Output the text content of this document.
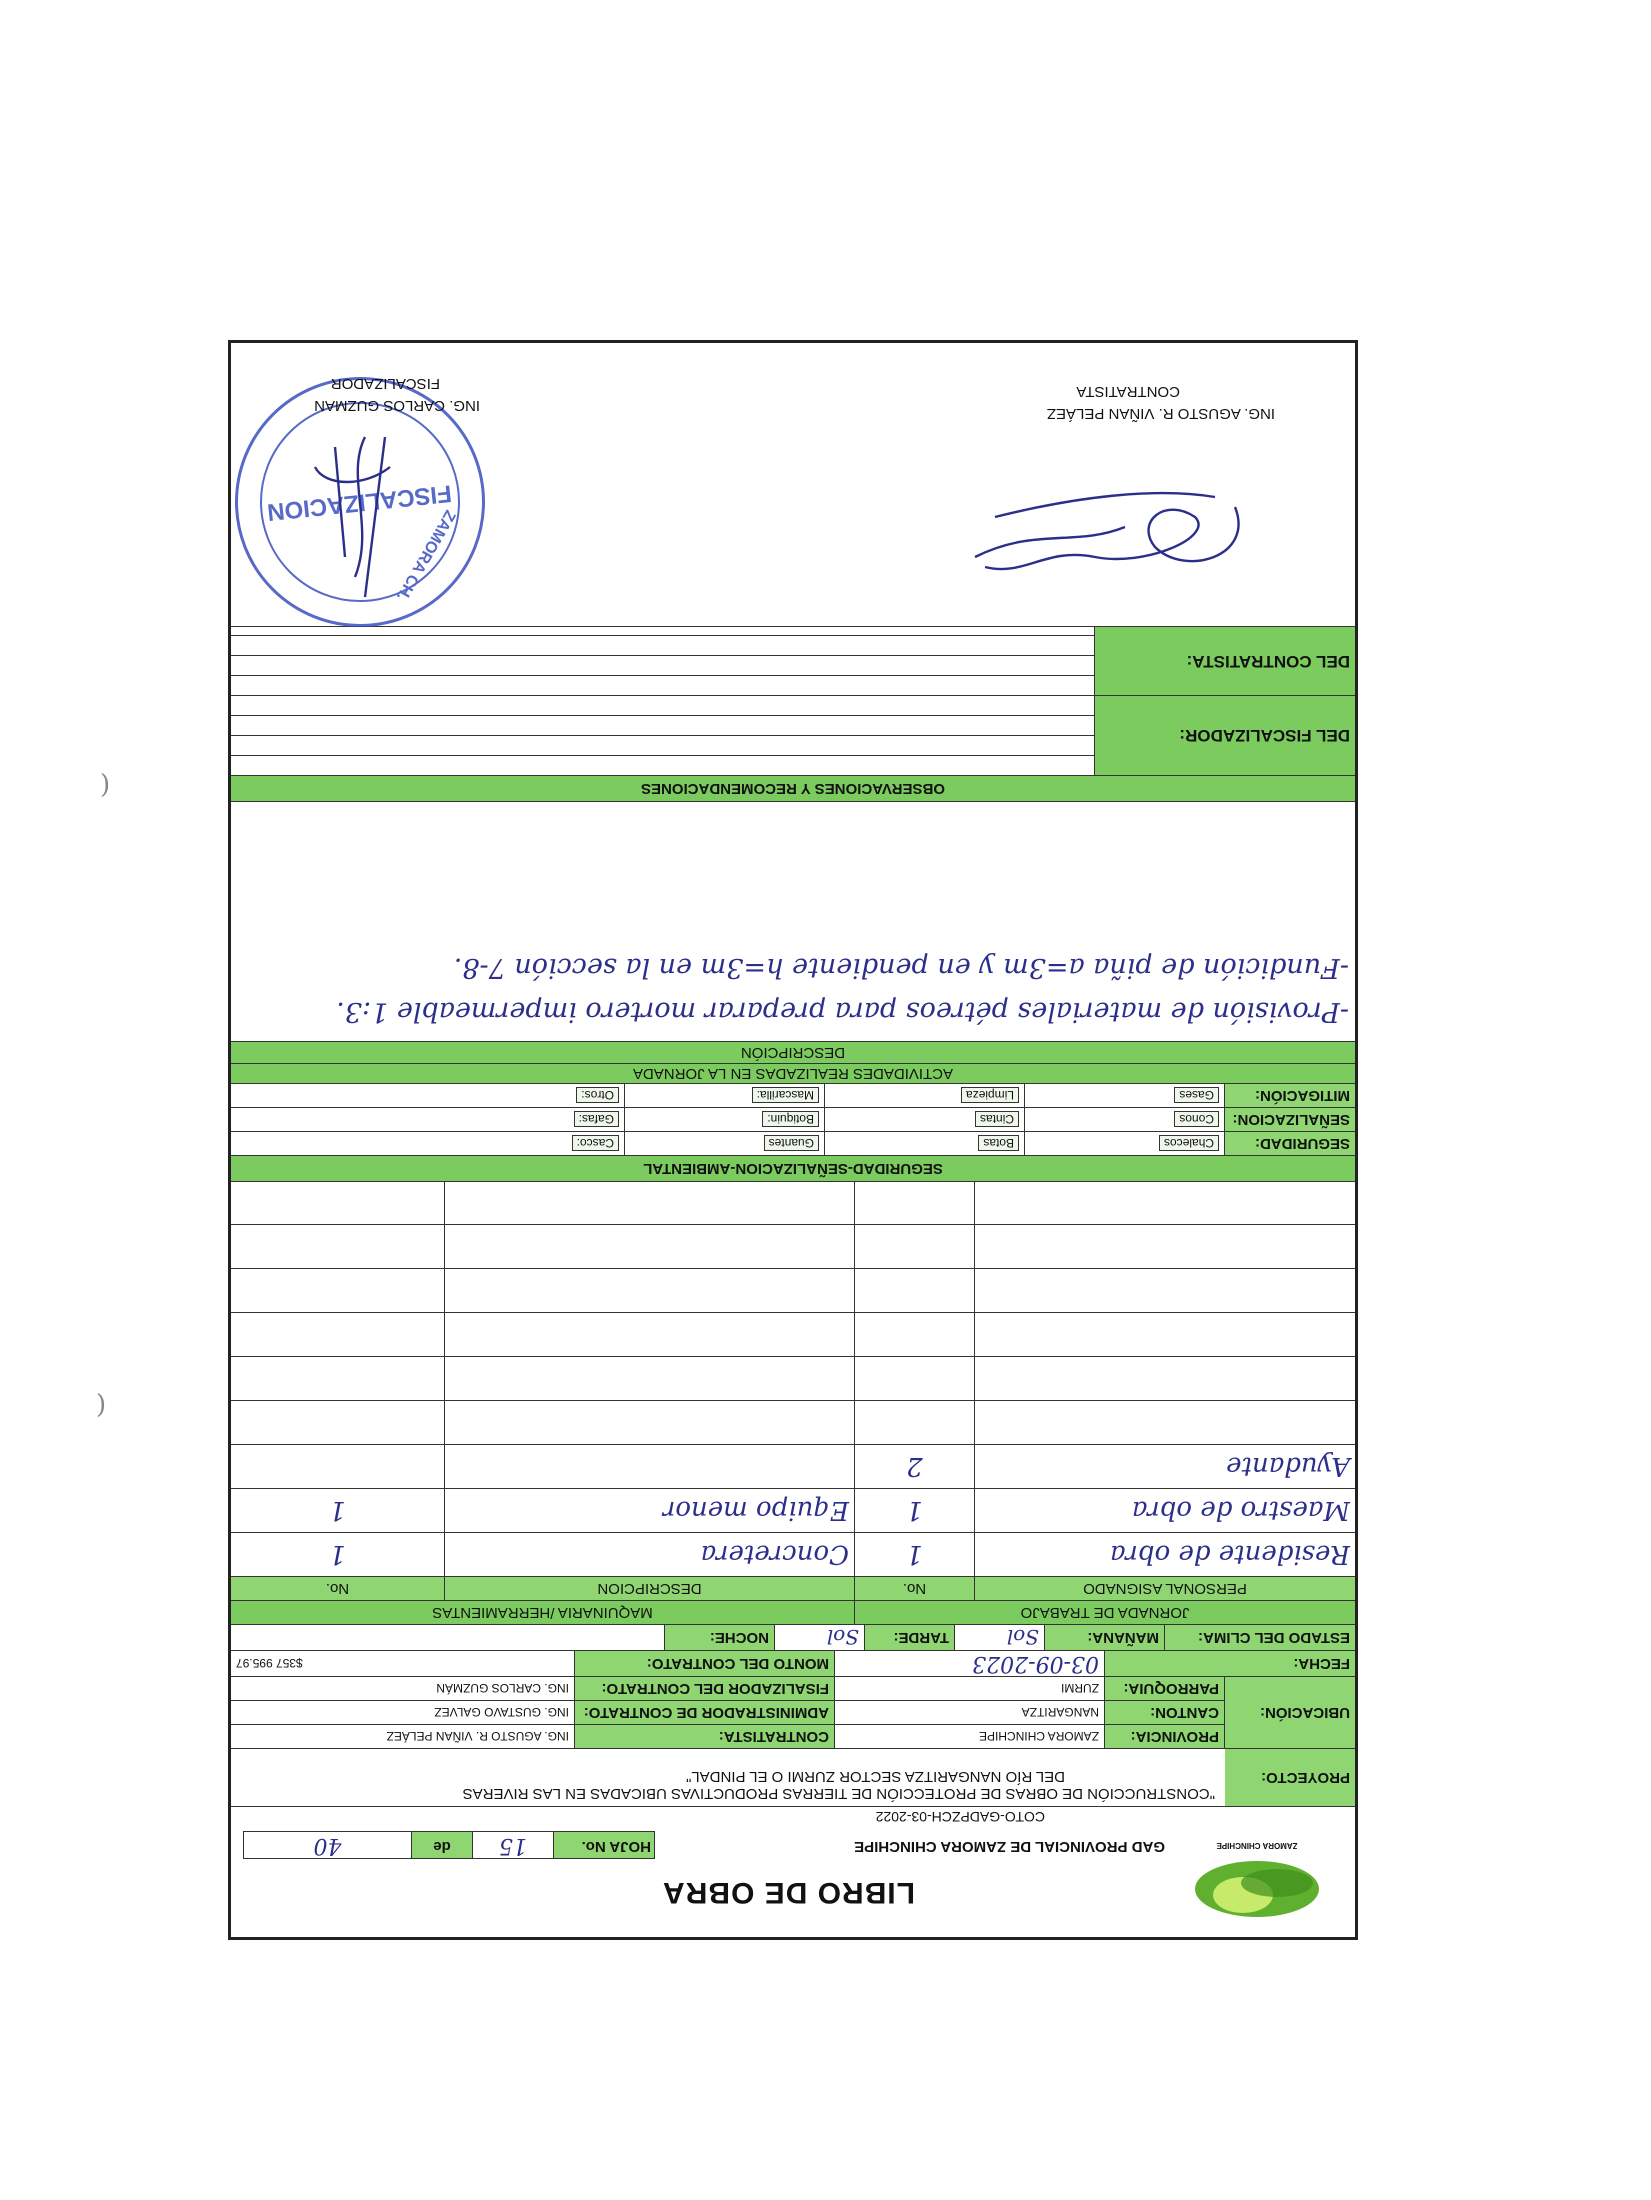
ZAMORA CHINCHIPE
LIBRO DE OBRA
GAD PROVINCIAL DE ZAMORA CHINCHIPE
HOJA No.
15
de
40
COTO-GADPZCH-03-2022
PROYECTO:
"CONSTRUCCIÓN DE OBRAS DE PROTECCIÓN DE TIERRAS PRODUCTIVAS UBICADAS EN LAS RIVERAS
DEL RÍO NANGARITZA SECTOR ZURMI O EL PINDAL"
PROVINCIA:
ZAMORA CHINCHIPE
CONTRATISTA:
ING. AGUSTO R. VIÑAN PELÁEZ
CANTON:
NANGARITZA
ADMINISTRADOR DE CONTRATO:
ING. GUSTAVO GALVEZ
PARROQUIA:
ZURMI
FISALIZADOR DEL CONTRATO:
ING. CARLOS GUZMÁN
UBICACIÓN:
FECHA:
03-09-2023
MONTO DEL CONTRATO:
$357 995.97
ESTADO DEL CLIMA:
MAÑANA:
Sol
TARDE:
Sol
NOCHE:
JORNADA DE TRABAJO
MAQUINARIA /HERRAMIENTAS
PERSONAL ASIGNADO
No.
DESCRIPCION
No.
Residente de obra
1
Concretera
1
Maestro de obra
1
Equipo menor
1
Ayudante
2
SEGURIDAD-SEÑALIZACION-AMBIENTAL
SEGURIDAD:
Chalecos
Botas
Guantes
Casco:
SEÑALIZACION:
Conos
Cintas
Botiquin:
Gafas:
MITIGACIÓN:
Gases
Limpieza
Mascarilla:
Otros:
ACTIVIDADES REALIZADAS EN LA JORNADA
DESCRIPCIÓN
-Provisión de materiales pétreos para preparar mortero impermeable 1:3.
-Fundición de piña a=3m y en pendiente h=3m en la sección 7-8.
OBSERVACIONES Y RECOMENDACIONES
DEL FISCALIZADOR:
DEL CONTRATISTA:
ING. AGUSTO R. VIÑAN PELÁEZ
CONTRATISTA
FISCALIZACION
ZAMORA CH.
ING. CARLOS GUZMAN
FISCALIZADOR
)
)
